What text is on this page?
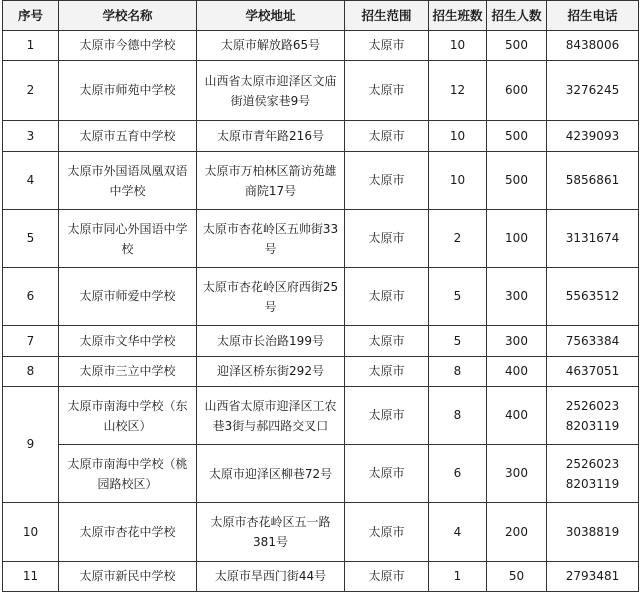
序号	学校名称	学校地址	招生范围	招生班数	招生人数	招生电话
1	太原市今德中学校	太原市解放路65号	太原市	10	500	8438006
2	太原市师苑中学校	山西省太原市迎泽区文庙街道侯家巷9号	太原市	12	600	3276245
3	太原市五育中学校	太原市青年路216号	太原市	10	500	4239093
4	太原市外国语凤凰双语中学校	太原市万柏林区箭访苑雄商院17号	太原市	10	500	5856861
5	太原市同心外国语中学校	太原市杏花岭区五帅街33号	太原市	2	100	3131674
6	太原市师爱中学校	太原市杏花岭区府西街25号	太原市	5	300	5563512
7	太原市文华中学校	太原市长治路199号	太原市	5	300	7563384
8	太原市三立中学校	迎泽区桥东街292号	太原市	8	400	4637051
9	太原市南海中学校（东山校区）	山西省太原市迎泽区工农巷3街与郝四路交叉口	太原市	8	400	2526023 8203119
	太原市南海中学校（桃园路校区）	太原市迎泽区柳巷72号	太原市	6	300	2526023 8203119
10	太原市杏花中学校	太原市杏花岭区五一路381号	太原市	4	200	3038819
11	太原市新民中学校	太原市旱西门街44号	太原市	1	50	2793481
